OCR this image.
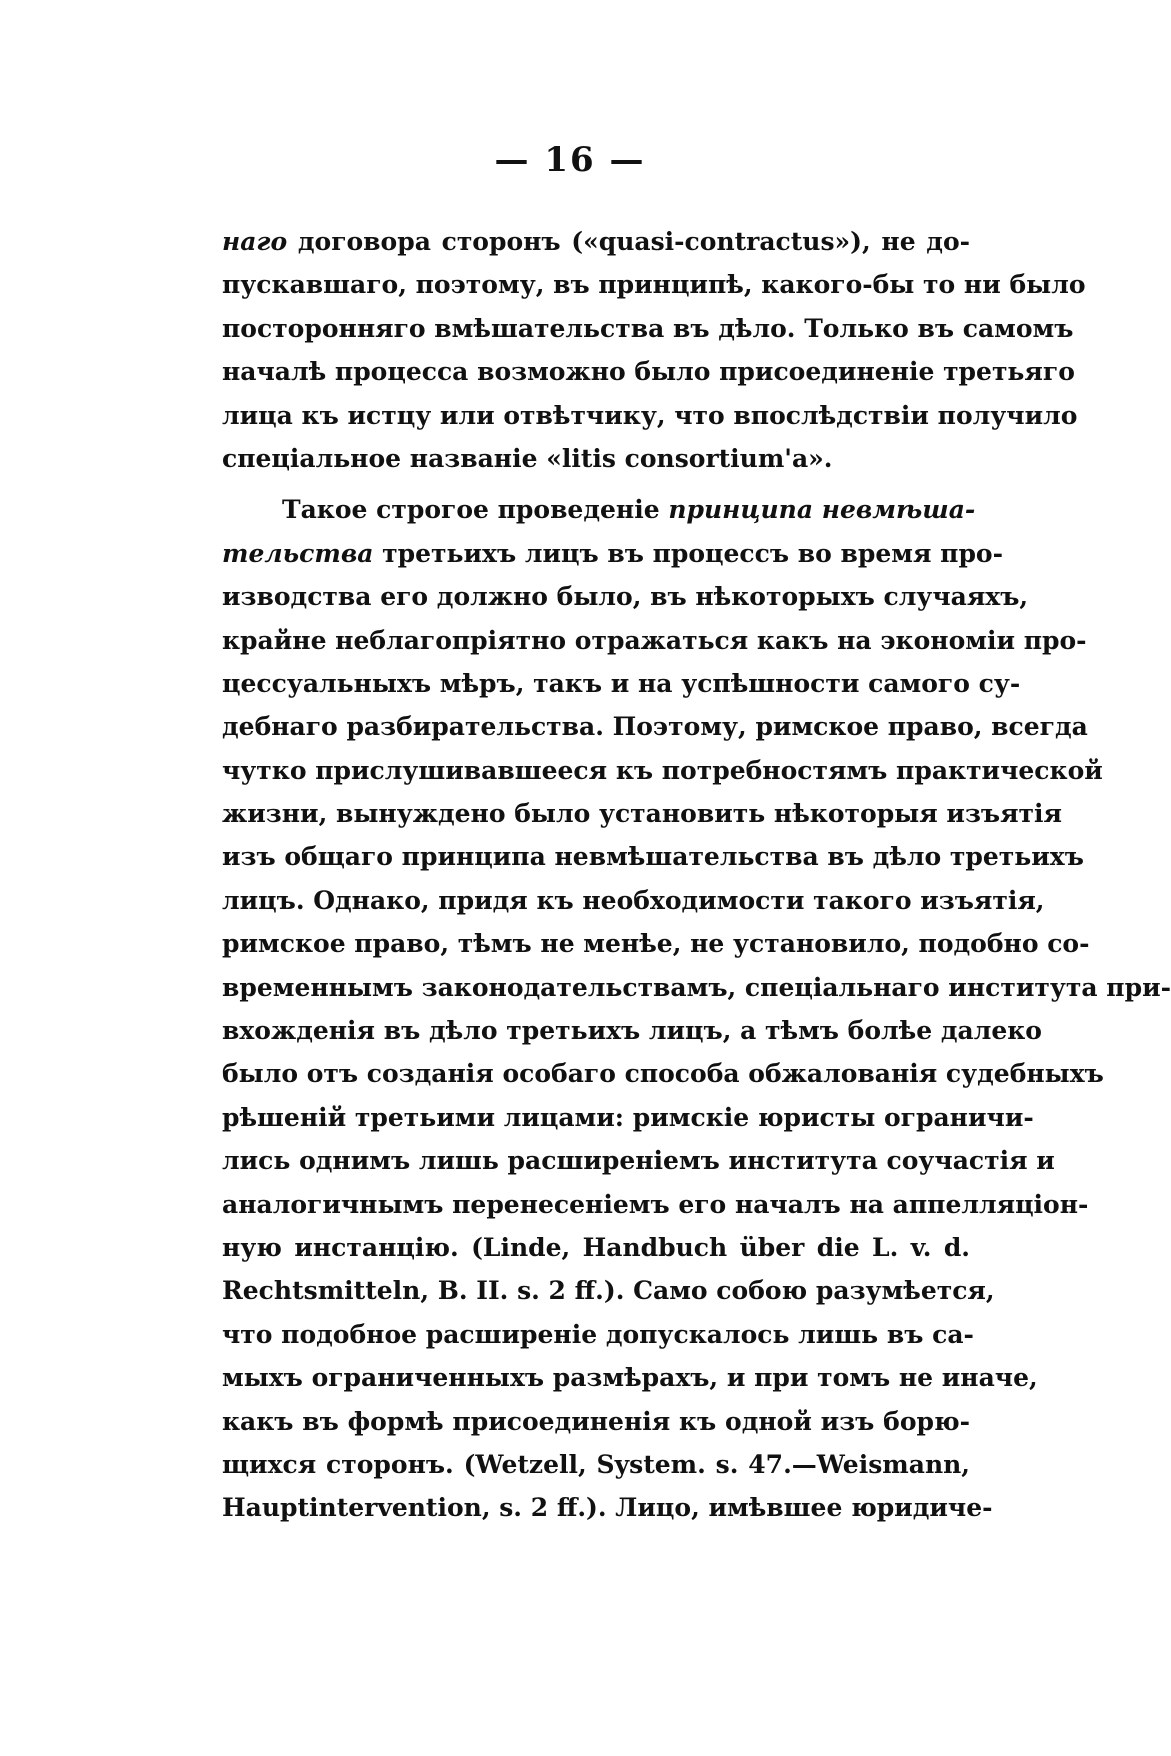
— 16 —
наго договора сторонъ («quasi-contractus»), не до-
пускавшаго, поэтому, въ принципѣ, какого-бы то ни было
посторонняго вмѣшательства въ дѣло. Только въ самомъ
началѣ процесса возможно было присоединеніе третьяго
лица къ истцу или отвѣтчику, что впослѣдствіи получило
спеціальное названіе «litis consortium'а».
Такое строгое проведеніе принципа невмѣша-
тельства третьихъ лицъ въ процессъ во время про-
изводства его должно было, въ нѣкоторыхъ случаяхъ,
крайне неблагопріятно отражаться какъ на экономіи про-
цессуальныхъ мѣръ, такъ и на успѣшности самого су-
дебнаго разбирательства. Поэтому, римское право, всегда
чутко прислушивавшееся къ потребностямъ практической
жизни, вынуждено было установить нѣкоторыя изъятія
изъ общаго принципа невмѣшательства въ дѣло третьихъ
лицъ. Однако, придя къ необходимости такого изъятія,
римское право, тѣмъ не менѣе, не установило, подобно со-
временнымъ законодательствамъ, спеціальнаго института при-
вхожденія въ дѣло третьихъ лицъ, а тѣмъ болѣе далеко
было отъ созданія особаго способа обжалованія судебныхъ
рѣшеній третьими лицами: римскіе юристы ограничи-
лись однимъ лишь расширеніемъ института соучастія и
аналогичнымъ перенесеніемъ его началъ на аппелляціон-
ную инстанцію. (Linde, Handbuch über die L. v. d.
Rechtsmitteln, B. II. s. 2 ff.). Само собою разумѣется,
что подобное расширеніе допускалось лишь въ са-
мыхъ ограниченныхъ размѣрахъ, и при томъ не иначе,
какъ въ формѣ присоединенія къ одной изъ борю-
щихся сторонъ. (Wetzell, System. s. 47.—Weismann,
Hauptintervention, s. 2 ff.). Лицо, имѣвшее юридиче-
